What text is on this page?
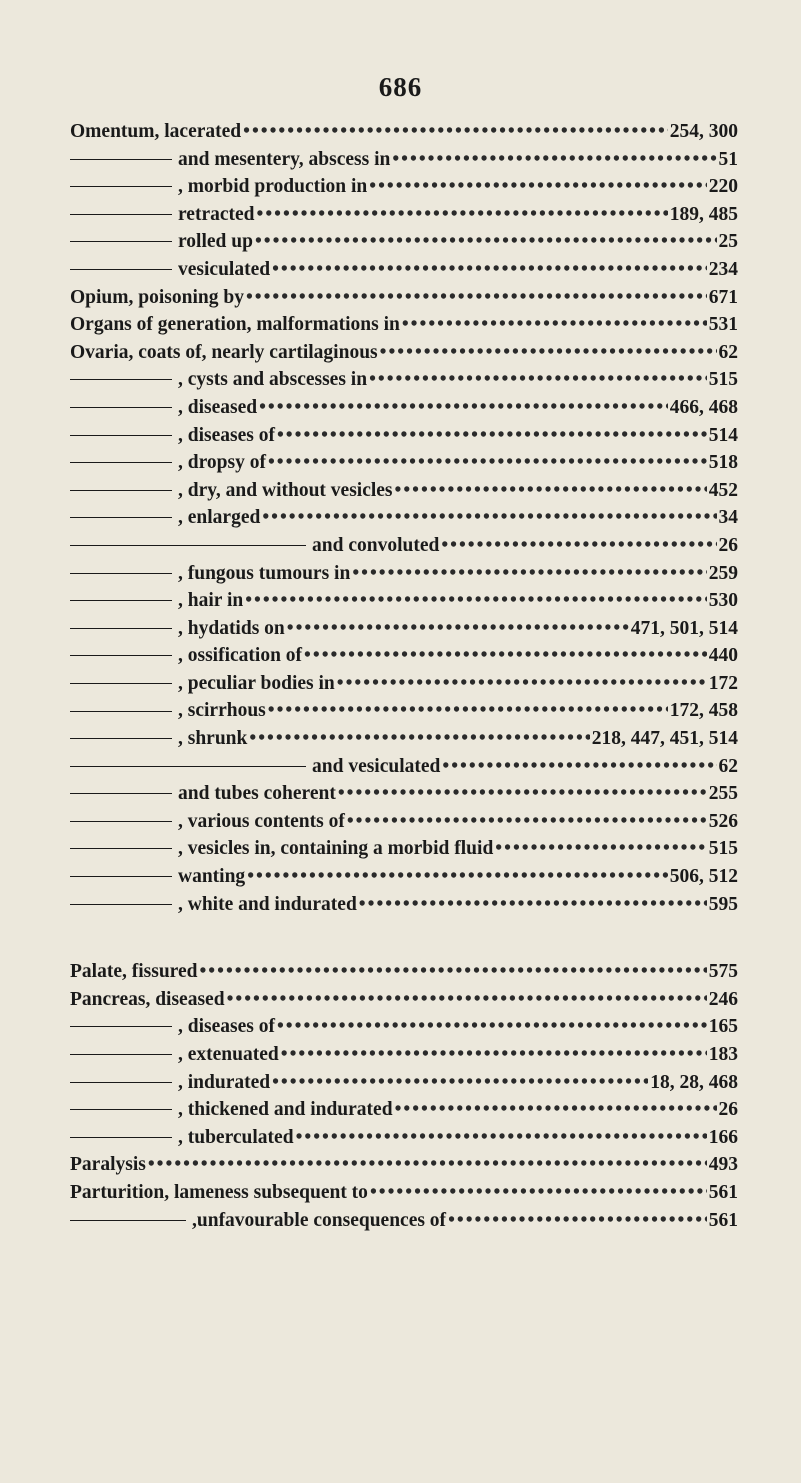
686
Omentum, lacerated •••••	254, 300
and mesentery, abscess in •••••	51
, morbid production in •••••	220
retracted •••••	189, 485
rolled up •••••	25
vesiculated •••••	234
Opium, poisoning by •••••	671
Organs of generation, malformations in •••••	531
Ovaria, coats of, nearly cartilaginous •••••	62
, cysts and abscesses in •••••	515
, diseased •••••	466, 468
, diseases of •••••	514
, dropsy of •••••	518
, dry, and without vesicles •••••	452
, enlarged •••••	34
and convoluted •••••	26
, fungous tumours in •••••	259
, hair in •••••	530
, hydatids on •••••	471, 501, 514
, ossification of •••••	440
, peculiar bodies in •••••	172
, scirrhous •••••	172, 458
, shrunk •••••	218, 447, 451, 514
and vesiculated •••••	62
and tubes coherent •••••	255
, various contents of •••••	526
, vesicles in, containing a morbid fluid •••••	515
wanting •••••	506, 512
, white and indurated •••••	595
Palate, fissured •••••	575
Pancreas, diseased •••••	246
, diseases of •••••	165
, extenuated •••••	183
, indurated •••••	18, 28, 468
, thickened and indurated •••••	26
, tuberculated •••••	166
Paralysis •••••	493
Parturition, lameness subsequent to •••••	561
,unfavourable consequences of •••••	561
